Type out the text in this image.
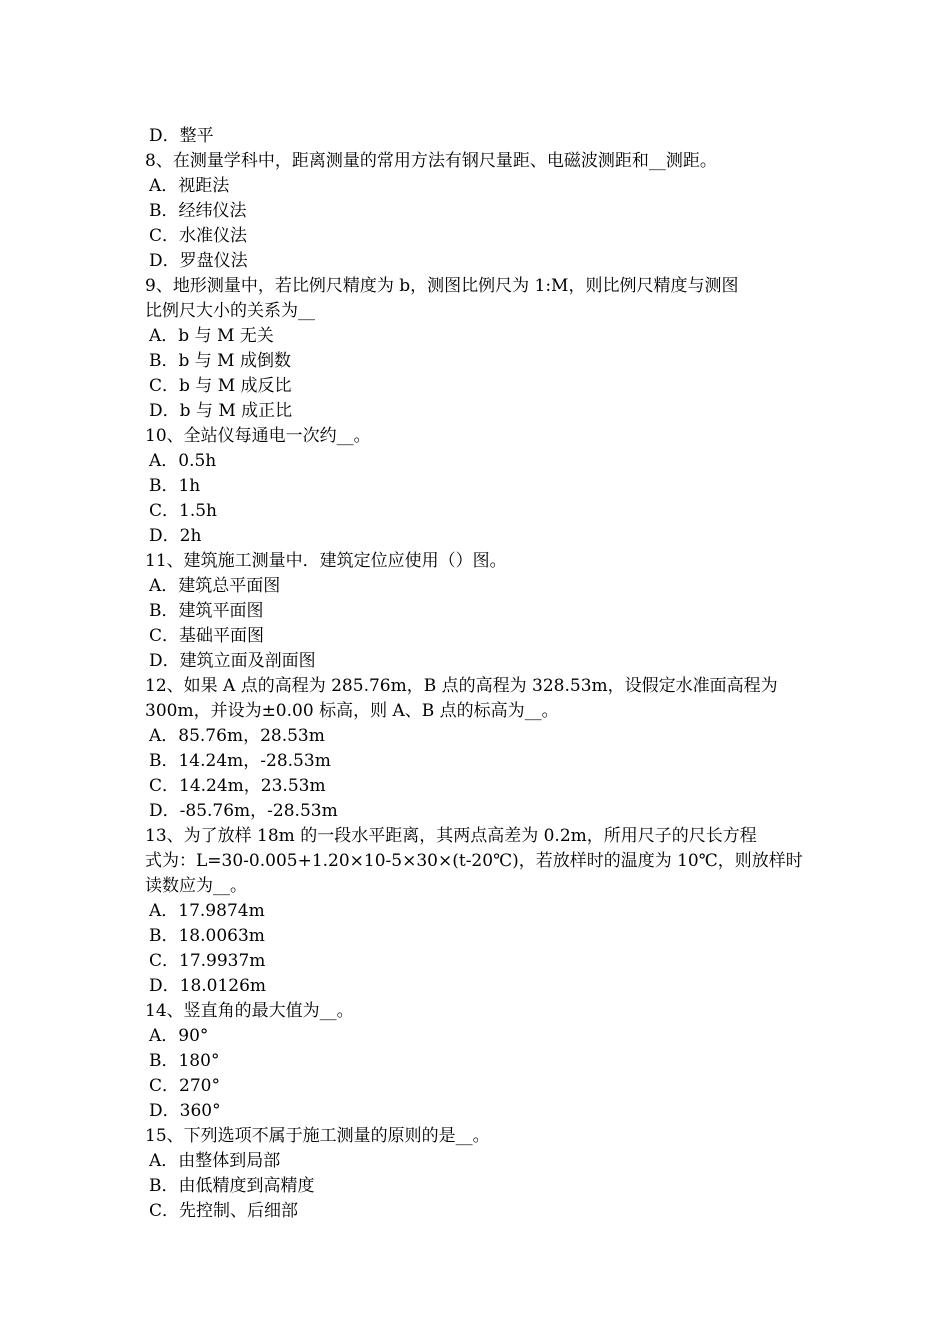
D．整平
8、在测量学科中，距离测量的常用方法有钢尺量距、电磁波测距和__测距。
A．视距法
B．经纬仪法
C．水准仪法
D．罗盘仪法
9、地形测量中，若比例尺精度为 b，测图比例尺为 1:M，则比例尺精度与测图
比例尺大小的关系为__
A．b 与 M 无关
B．b 与 M 成倒数
C．b 与 M 成反比
D．b 与 M 成正比
10、全站仪每通电一次约__。
A．0.5h
B．1h
C．1.5h
D．2h
11、建筑施工测量中．建筑定位应使用（）图。
A．建筑总平面图
B．建筑平面图
C．基础平面图
D．建筑立面及剖面图
12、如果 A 点的高程为 285.76m，B 点的高程为 328.53m，设假定水准面高程为
300m，并设为±0.00 标高，则 A、B 点的标高为__。
A．85.76m，28.53m
B．14.24m，-28.53m
C．14.24m，23.53m
D．-85.76m，-28.53m
13、为了放样 18m 的一段水平距离，其两点高差为 0.2m，所用尺子的尺长方程
式为：L=30-0.005+1.20×10-5×30×(t-20℃)，若放样时的温度为 10℃，则放样时
读数应为__。
A．17.9874m
B．18.0063m
C．17.9937m
D．18.0126m
14、竖直角的最大值为__。
A．90°
B．180°
C．270°
D．360°
15、下列选项不属于施工测量的原则的是__。
A．由整体到局部
B．由低精度到高精度
C．先控制、后细部
